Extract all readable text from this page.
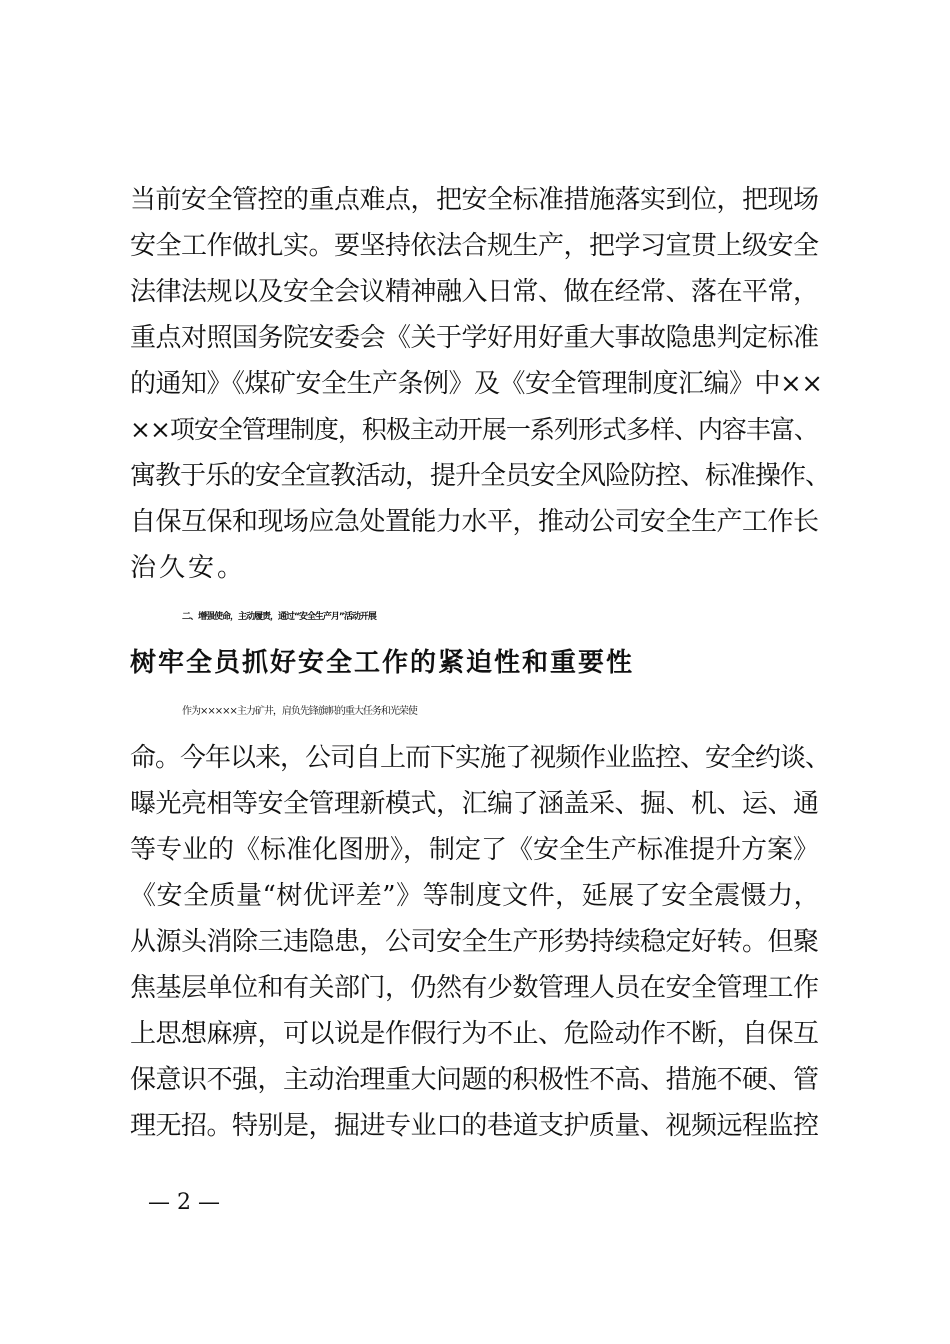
当前安全管控的重点难点，把安全标准措施落实到位，把现场
安全工作做扎实。要坚持依法合规生产，把学习宣贯上级安全
法律法规以及安全会议精神融入日常、做在经常、落在平常，
重点对照国务院安委会《关于学好用好重大事故隐患判定标准
的通知》《煤矿安全生产条例》及《安全管理制度汇编》中××
××项安全管理制度，积极主动开展一系列形式多样、内容丰富、
寓教于乐的安全宣教活动，提升全员安全风险防控、标准操作、
自保互保和现场应急处置能力水平，推动公司安全生产工作长
治久安。
二、增强使命，主动履责，通过“安全生产月”活动开展
树牢全员抓好安全工作的紧迫性和重要性
作为×××××主力矿井，肩负先锋旗帜的重大任务和光荣使
命。今年以来，公司自上而下实施了视频作业监控、安全约谈、
曝光亮相等安全管理新模式，汇编了涵盖采、掘、机、运、通
等专业的《标准化图册》，制定了《安全生产标准提升方案》
《安全质量“树优评差”》等制度文件，延展了安全震慑力，
从源头消除三违隐患，公司安全生产形势持续稳定好转。但聚
焦基层单位和有关部门，仍然有少数管理人员在安全管理工作
上思想麻痹，可以说是作假行为不止、危险动作不断，自保互
保意识不强，主动治理重大问题的积极性不高、措施不硬、管
理无招。特别是，掘进专业口的巷道支护质量、视频远程监控
— 2 —
